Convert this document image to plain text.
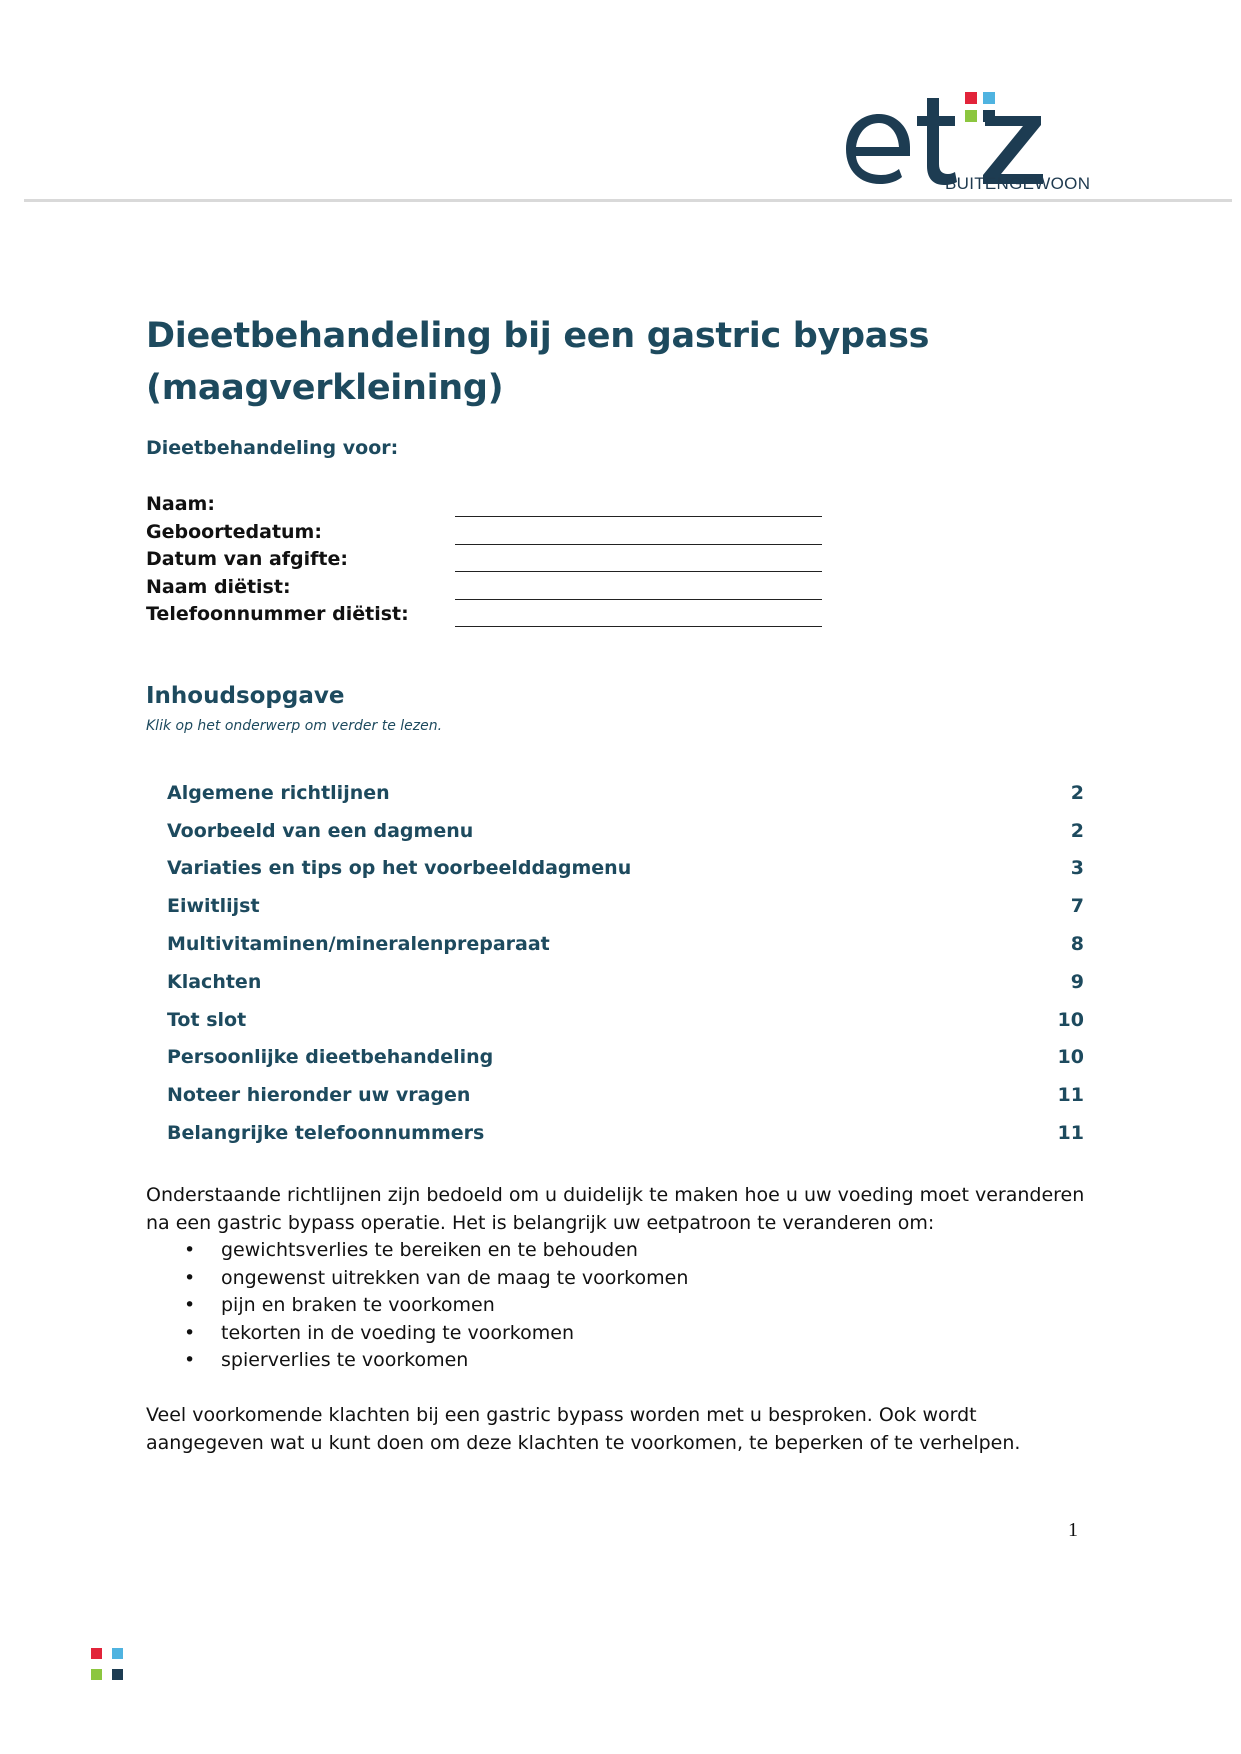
BUITENGEWOON
Dieetbehandeling bij een gastric bypass (maagverkleining)
Dieetbehandeling voor:
Naam:
Geboortedatum:
Datum van afgifte:
Naam diëtist:
Telefoonnummer diëtist:
Inhoudsopgave
Klik op het onderwerp om verder te lezen.
Algemene richtlijnen	2
Voorbeeld van een dagmenu	2
Variaties en tips op het voorbeelddagmenu	3
Eiwitlijst	7
Multivitaminen/mineralenpreparaat	8
Klachten	9
Tot slot	10
Persoonlijke dieetbehandeling	10
Noteer hieronder uw vragen	11
Belangrijke telefoonnummers	11
Onderstaande richtlijnen zijn bedoeld om u duidelijk te maken hoe u uw voeding moet veranderen na een gastric bypass operatie. Het is belangrijk uw eetpatroon te veranderen om:
• gewichtsverlies te bereiken en te behouden
• ongewenst uitrekken van de maag te voorkomen
• pijn en braken te voorkomen
• tekorten in de voeding te voorkomen
• spierverlies te voorkomen
Veel voorkomende klachten bij een gastric bypass worden met u besproken. Ook wordt aangegeven wat u kunt doen om deze klachten te voorkomen, te beperken of te verhelpen.
1
